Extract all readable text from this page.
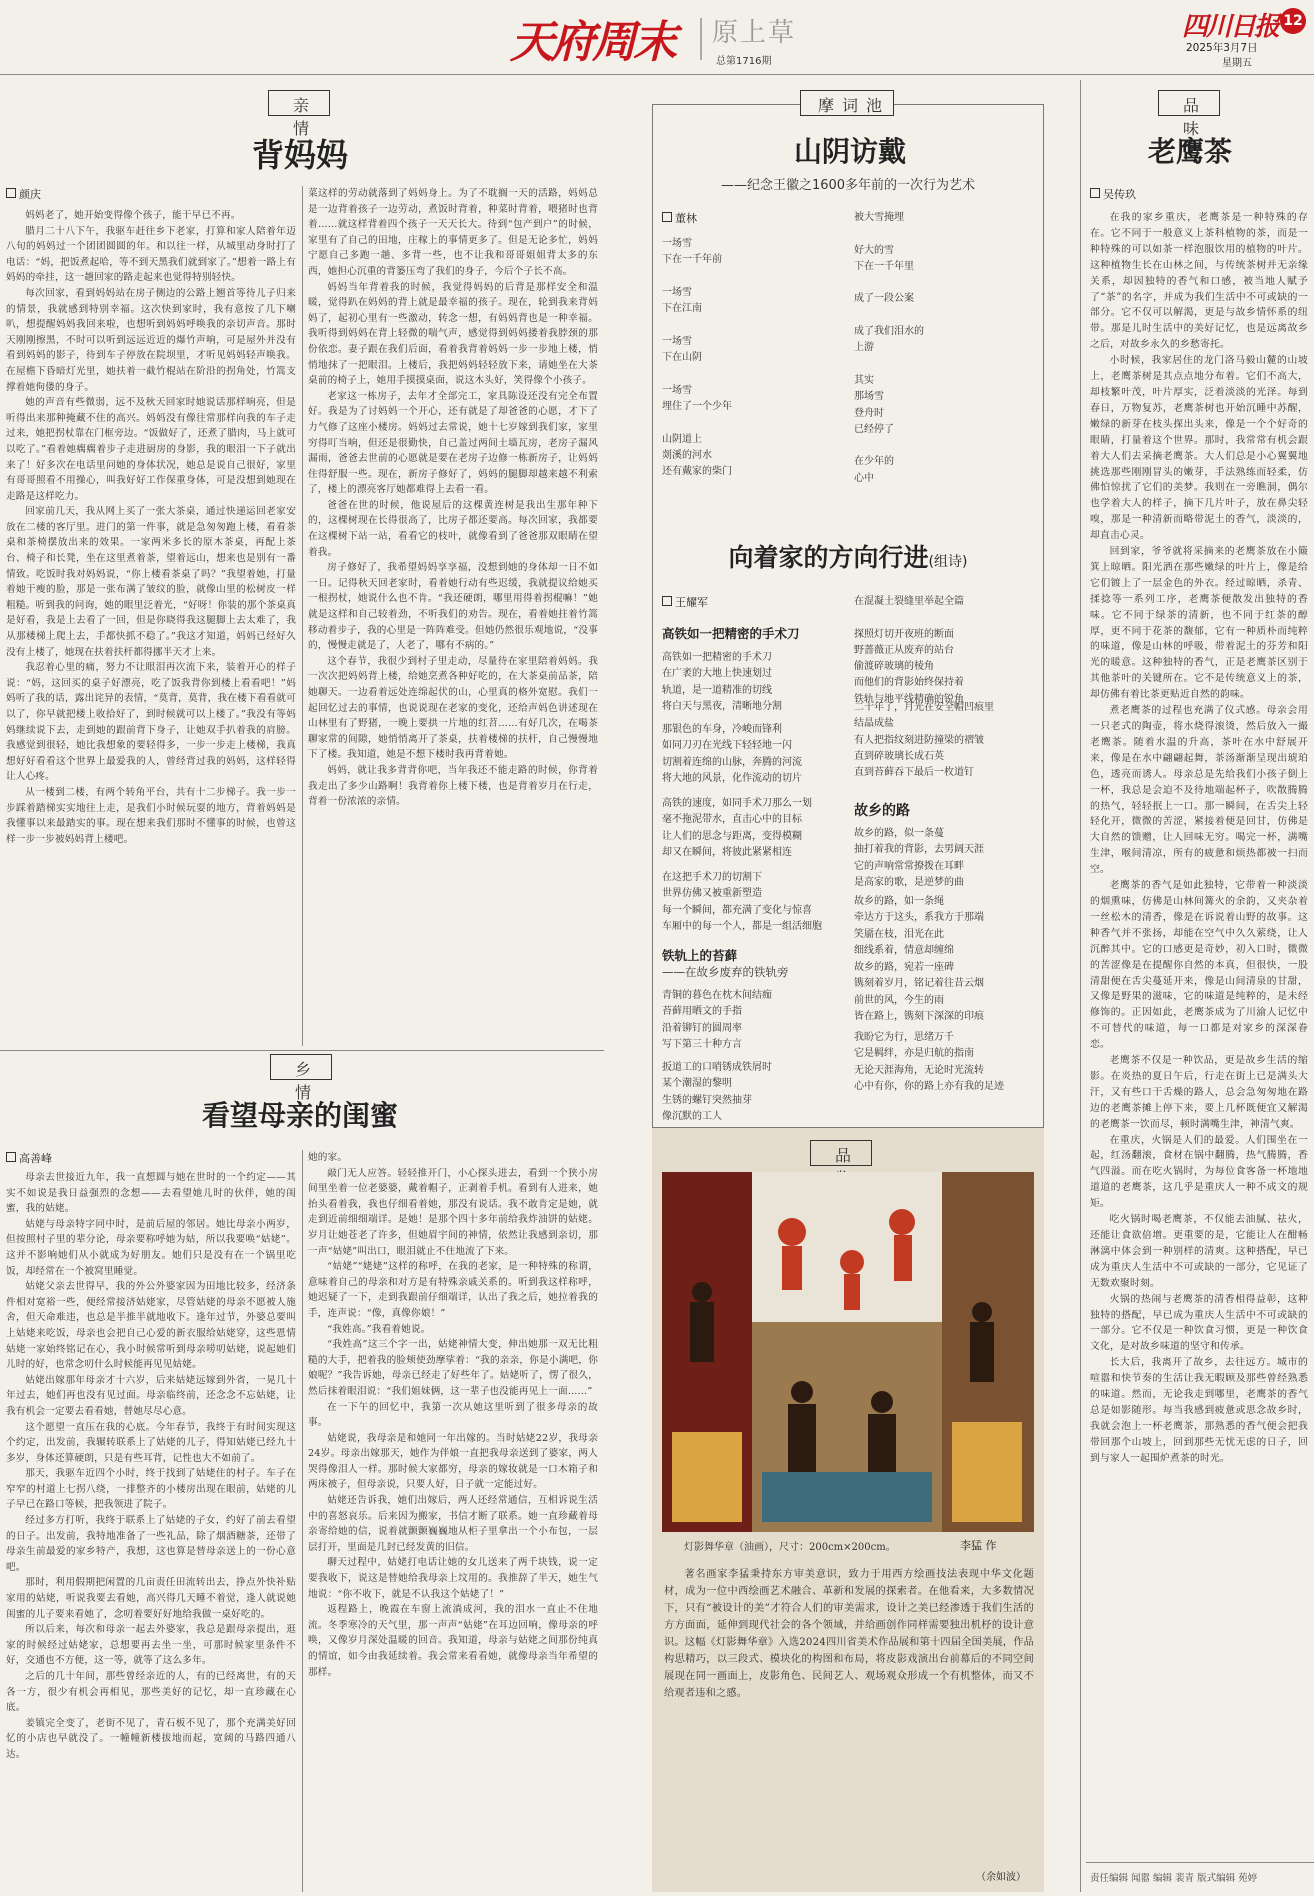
天府周末 原上草
总第1716期
四川日报 12
2025年3月7日
星期五
亲情
背妈妈
颜庆

妈妈老了，她开始变得像个孩子，能干早已不再。

腊月二十八下午，我驱车赶往乡下老家，打算和家人陪着年迈八旬的妈妈过一个团团圆圆的年。和以往一样，从城里动身时打了电话：“妈，把饭煮起哈，等不到天黑我们就到家了。”想着一路上有妈妈的牵挂，这一趟回家的路走起来也觉得特别轻快。

每次回家，看到妈妈站在房子侧边的公路上翘首等待儿子归来的情景，我就感到特别幸福。这次快到家时，我有意按了几下喇叭，想提醒妈妈我回来啦，也想听到妈妈呼唤我的亲切声音。那时天刚刚擦黑，不时可以听到远远近近的爆竹声响，可是屋外并没有看到妈妈的影子，待到车子停放在院坝里，才听见妈妈轻声唤我。在屋檐下昏暗灯光里，她扶着一截竹棍站在阶沿的拐角处，竹篙支撑着她佝偻的身子。

她的声音有些微弱，远不及秋天回家时她说话那样响亮，但是听得出来那种掩藏不住的高兴。妈妈没有像往常那样向我的车子走过来，她把拐杖靠在门框旁边。“饭做好了，还煮了腊肉，马上就可以吃了。”看着她瘸瘸着步子走进厨房的身影，我的眼泪一下子就出来了！好多次在电话里问她的身体状况，她总是说自己很好，家里有哥哥照看不用操心，叫我好好工作保重身体，可是没想到她现在走路是这样吃力。

回家前几天，我从网上买了一张大茶桌，通过快递运回老家安放在二楼的客厅里。进门的第一件事，就是急匆匆跑上楼，看看茶桌和茶椅摆放出来的效果。一家两米多长的原木茶桌，再配上茶台、椅子和长凳，坐在这里煮着茶，望着远山，想来也是别有一番情致。吃饭时我对妈妈说，“你上楼看茶桌了吗？”我望着她，打量着她干瘦的脸，那是一张布满了皱纹的脸，就像山里的松树皮一样粗糙。听到我的问询，她的眼里泛着光，“好呀！你装的那个茶桌真是好看，我是上去看了一回，但是你晓得我这腿脚上去太难了，我从那楼梯上爬上去，手都快抓不稳了。”我这才知道，妈妈已经好久没有上楼了，她现在扶着扶杆都得挪半天才上来。

我忍着心里的痛，努力不让眼泪再次流下来，装着开心的样子说：“妈，这回买的桌子好漂亮，吃了饭我背你到楼上看看吧！”妈妈听了我的话，露出诧异的表情，“莫背，莫背，我在楼下看看就可以了，你早就把楼上收拾好了，到时候就可以上楼了。”我没有等妈妈继续说下去，走到她的跟前背下身子，让她双手扒着我的肩膀。我感觉到很轻，她比我想象的要轻得多，一步一步走上楼梯，我真想好好看看这个世界上最爱我的人，曾经背过我的妈妈，这样轻得让人心疼。

从一楼到二楼，有两个转角平台，共有十二步梯子。我一步一步踩着踏梯实实地往上走，是我们小时候玩耍的地方，背着妈妈是我懂事以来最踏实的事。现在想来我们那时不懂事的时候，也曾这样一步一步被妈妈背上楼吧。

菜这样的劳动就落到了妈妈身上。为了不耽搁一天的活路，妈妈总是一边背着孩子一边劳动，煮饭时背着，种菜时背着，喂猪时也背着……就这样背着四个孩子一天天长大。待到“包产到户”的时候，家里有了自己的田地，庄稼上的事情更多了。但是无论多忙，妈妈宁愿自己多跑一趟、多背一些，也不让我和哥哥姐姐背太多的东西，她担心沉重的背篓压弯了我们的身子，今后个子长不高。

妈妈当年背着我的时候，我觉得妈妈的后背是那样安全和温暖，觉得趴在妈妈的背上就是最幸福的孩子。现在，轮到我来背妈妈了，起初心里有一些激动，转念一想，有妈妈背也是一种幸福。我听得到妈妈在背上轻微的喘气声，感觉得到妈妈搂着我脖颈的那份依恋。妻子跟在我们后面，看着我背着妈妈一步一步地上楼，悄悄地抹了一把眼泪。上楼后，我把妈妈轻轻放下来，请她坐在大茶桌前的椅子上，她用手摸摸桌面，说这木头好，笑得像个小孩子。

老家这一栋房子，去年才全部完工，家具陈设还没有完全布置好。我是为了讨妈妈一个开心，还有就是了却爸爸的心愿，才下了力气修了这座小楼房。妈妈过去常说，她十七岁嫁到我们家，家里穷得叮当响，但还是很勤快，自己盖过两间土墙瓦房，老房子漏风漏雨，爸爸去世前的心愿就是要在老房子边修一栋新房子，让妈妈住得舒服一些。现在，新房子修好了，妈妈的腿脚却越来越不利索了，楼上的漂亮客厅她都难得上去看一看。

爸爸在世的时候，他说屋后的这棵黄连树是我出生那年种下的，这棵树现在长得很高了，比房子都还要高。每次回家，我都要在这棵树下站一站，看看它的枝叶，就像看到了爸爸那双眼睛在望着我。

房子修好了，我希望妈妈享享福，没想到她的身体却一日不如一日。记得秋天回老家时，看着她行动有些迟缓，我就提议给她买一根拐杖，她说什么也不肯。“我还硬朗，哪里用得着拐棍嘛！”她就是这样和自己较着劲，不听我们的劝告。现在，看着她拄着竹篙移动着步子，我的心里是一阵阵难受。但她仍然很乐观地说，“没事的，慢慢走就是了，人老了，哪有不病的。”

这个春节，我很少到村子里走动，尽量待在家里陪着妈妈。我一次次把妈妈背上楼，给她烹煮各种好吃的，在大茶桌前品茶，陪她聊天。一边看着远处连绵起伏的山，心里真的格外宽慰。我们一起回忆过去的事情，也说说现在老家的变化，还给声妈色讲述现在山林里有了野猪，一晚上要拱一片地的红苕……有好几次，在喝茶聊家常的间隙，她悄悄离开了茶桌，扶着楼梯的扶杆，自己慢慢地下了楼。我知道，她是不想下楼时我再背着她。

妈妈，就让我多背背你吧，当年我还不能走路的时候，你背着我走出了多少山路啊！我背着你上楼下楼，也是背着岁月在行走，背着一份浓浓的亲情。

乡情
看望母亲的闺蜜
高善峰

母亲去世接近九年，我一直想圆与她在世时的一个约定——其实不如说是我日益强烈的念想——去看望她儿时的伙伴，她的闺蜜，我的姑姥。

姑姥与母亲特字同中时，是前后屋的邻居。她比母亲小两岁，但按照村子里的辈分论，母亲要称呼她为姑，所以我要唤“姑姥”。这并不影响她们从小就成为好朋友。她们只是没有在一个锅里吃饭，却经常在一个被窝里睡觉。

姑姥父亲去世得早，我的外公外婆家因为田地比较多，经济条件相对宽裕一些，便经常接济姑姥家，尽管姑姥的母亲不愿被人施舍，但天命难违，也总是半推半就地收下。逢年过节，外婆总要叫上姑姥来吃饭，母亲也会把自己心爱的新衣服给姑姥穿，这些恩情姑姥一家始终铭记在心，我小时候常听到母亲唠叨姑姥，说起她们儿时的好，也常念叨什么时候能再见见姑姥。

姑姥出嫁那年母亲才十六岁，后来姑姥远嫁到外省，一晃几十年过去，她们再也没有见过面。母亲临终前，还念念不忘姑姥，让我有机会一定要去看看她，替她尽尽心意。

这个愿望一直压在我的心底。今年春节，我终于有时间实现这个约定，出发前，我辗转联系上了姑姥的儿子，得知姑姥已经九十多岁，身体还算硬朗，只是有些耳背，记性也大不如前了。

那天，我驱车近四个小时，终于找到了姑姥住的村子。车子在窄窄的村道上七拐八绕，一排整齐的小楼房出现在眼前，姑姥的儿子早已在路口等候，把我领进了院子。

经过多方打听，我终于联系上了姑姥的子女，约好了前去看望的日子。出发前，我特地准备了一些礼品，除了烟酒糖茶，还带了母亲生前最爱的家乡特产，我想，这也算是替母亲送上的一份心意吧。

那时，利用假期把闲置的几亩责任田流转出去，挣点外快补贴家用的姑姥，听说我要去看她，高兴得几天睡不着觉，逢人就说她闺蜜的儿子要来看她了，念叨着要好好地给我做一桌好吃的。

所以后来，每次和母亲一起去外婆家，我总是跟母亲提出，逛家的时候经过姑姥家，总想要再去坐一坐，可那时候家里条件不好，交通也不方便，这一等，就等了这么多年。

之后的几十年间，那些曾经亲近的人，有的已经离世，有的天各一方，很少有机会再相见，那些美好的记忆，却一直珍藏在心底。

姜镇完全变了，老街不见了，青石板不见了，那个充满美好回忆的小店也早就没了。一幢幢新楼拔地而起，宽阔的马路四通八达。

她的家。

敲门无人应答。轻轻推开门，小心探头进去，看到一个狭小房间里坐着一位老婆婆，戴着帽子，正剥着手机。看到有人进来，她抬头看着我，我也仔细看着她，那没有说话。我不敢肯定是她，就走到近前细细端详。是她！是那个四十多年前给我炸油饼的姑姥。岁月让她苍老了许多，但她眉宇间的神情，依然让我感到亲切，那一声“姑姥”叫出口，眼泪就止不住地流了下来。

“姑姥”“姥姥”这样的称呼，在我的老家，是一种特殊的称谓，意味着自己的母亲和对方是有特殊亲戚关系的。听到我这样称呼，她迟疑了一下，走到我跟前仔细端详，认出了我之后，她拉着我的手，连声说：“像，真像你娘！”

“我姓高。”我看着她说。

“我姓高”这三个字一出，姑姥神情大变，伸出她那一双无比粗糙的大手，把着我的脸颊使劲摩挲着：“我的亲亲，你是小满吧，你娘呢？”我告诉她，母亲已经走了好些年了。姑姥听了，愣了很久，然后抹着眼泪说：“我们姐妹俩，这一辈子也没能再见上一面……”

在一下午的回忆中，我第一次从她这里听到了很多母亲的故事。

姑姥说，我母亲是和她同一年出嫁的。当时姑姥22岁，我母亲24岁。母亲出嫁那天，她作为伴娘一直把我母亲送到了婆家，两人哭得像泪人一样。那时候大家都穷，母亲的嫁妆就是一口木箱子和两床被子，但母亲说，只要人好，日子就一定能过好。

姑姥还告诉我，她们出嫁后，两人还经常通信，互相诉说生活中的喜怒哀乐。后来因为搬家，书信才断了联系。她一直珍藏着母亲寄给她的信，说着就颤颤巍巍地从柜子里拿出一个小布包，一层层打开，里面是几封已经发黄的旧信。

聊天过程中，姑姥打电话让她的女儿送来了两千块钱，说一定要我收下，说这是替她给我母亲上坟用的。我推辞了半天，她生气地说：“你不收下，就是不认我这个姑姥了！”

返程路上，晚霞在车窗上流淌成河，我的泪水一直止不住地流。冬季寒冷的天气里，那一声声“姑姥”在耳边回响，像母亲的呼唤，又像岁月深处温暖的回音。我知道，母亲与姑姥之间那份纯真的情谊，如今由我延续着。我会常来看看她，就像母亲当年希望的那样。

摩词池
山阴访戴
——纪念王徽之1600多年前的一次行为艺术
董林
一场雪
下在一千年前

一场雪
下在江南

一场雪
下在山阴

一场雪
埋住了一个少年

山阴道上
剡溪的河水
还有戴家的柴门
被大雪掩埋

好大的雪
下在一千年里

成了一段公案

成了我们泪水的
上游

其实
那场雪
登舟时
已经停了

在少年的
心中
向着家的方向行进(组诗)
王耀军
高铁如一把精密的手术刀
高铁如一把精密的手术刀
在广袤的大地上快速划过
轨道，是一道精准的切线
将白天与黑夜，清晰地分割
那银色的车身，冷峻而锋利
如同刀刃在光线下轻轻地一闪
切割着连绵的山脉，奔腾的河流
将大地的风景，化作流动的切片
高铁的速度，如同手术刀那么一划
毫不拖泥带水，直击心中的目标
让人们的思念与距离，变得模糊
却又在瞬间，将彼此紧紧相连
在这把手术刀的切割下
世界仿佛又被重新塑造
每一个瞬间，都充满了变化与惊喜
车厢中的每一个人，都是一组活细胞
铁轨上的苔藓
——在故乡废弃的铁轨旁
青铜的暮色在枕木间结痂
苔藓用晒文的手指
沿着铆钉的圆周率
写下第三十种方言
扳道工的口哨锈成铁屑时
某个潮湿的黎明
生锈的螺钉突然抽芽
像沉默的工人
在混凝土裂缝里举起全篇

探照灯切开夜班的断面
野蔷薇正从废弃的站台
偷渡碎玻璃的棱角
而他们的背影始终保持着
铁轨与地平线精确的锐角
二十年了，月光在安全帽凹痕里
结晶成盐
有人把指纹刻进防撞梁的褶皱
直到碎玻璃长成石英
直到苔藓吞下最后一枚道钉
故乡的路
故乡的路，似一条蔓
抽打着我的背影，去男阔天涯
它的声响常常撩拨在耳畔
是高家的歌，是逆梦的曲
故乡的路，如一条绳
牵达方于这头，系我方于那端
笑靥在枝，泪光在此
细线系着，情意却缠绵
故乡的路，宛若一座碑
镌刻着岁月，铭记着往昔云烟
前世的风，今生的雨
皆在路上，镌刻下深深的印痕
我盼它为行，思绪万千
它是羁绊，亦是归航的指南
无论天涯海角，无论时光流转
心中有你，你的路上亦有我的足迹
品
灯影舞华章（油画），尺寸：200cm×200cm。	李猛 作

著名画家李猛秉持东方审美意识，致力于用西方绘画技法表现中华文化题材，成为一位中西绘画艺术融合、革新和发展的探索者。在他看来，大多数情况下，只有“被设计的美”才符合人们的审美需求，设计之美已经渗透于我们生活的方方面面，延伸到现代社会的各个领域，并给画创作同样需要独出机杼的设计意识。这幅《灯影舞华章》入选2024四川省美术作品展和第十四届全国美展，作品构思精巧，以三段式、模块化的构图和布局，将皮影戏演出台前幕后的不同空间展现在同一画面上，皮影角色、民间艺人、观场观众形成一个有机整体，而又不给观者违和之感。

（余如波）
品味
老鹰茶
吴传玖

在我的家乡重庆，老鹰茶是一种特殊的存在。它不同于一般意义上茶科植物的茶，而是一种特殊的可以如茶一样泡服饮用的植物的叶片。这种植物生长在山林之间，与传统茶树并无亲缘关系，却因独特的香气和口感，被当地人赋予了“茶”的名字，并成为我们生活中不可或缺的一部分。它不仅可以解渴，更是与故乡情怀系的纽带。那是儿时生活中的美好记忆，也是远离故乡之后，对故乡永久的乡愁寄托。

小时候，我家居住的龙门洛马毅山麓的山坡上，老鹰茶树是其点点地分布着。它们不高大，却枝繁叶茂，叶片厚实，泛着淡淡的光泽。每到春日，万物复苏，老鹰茶树也开始沉睡中苏醒，嫩绿的新芽在枝头探出头来，像是一个个好奇的眼睛，打量着这个世界。那时，我常常有机会跟着大人们去采摘老鹰茶。大人们总是小心翼翼地挑选那些刚刚冒头的嫩芽，手法熟练而轻柔，仿佛怕惊扰了它们的美梦。我则在一旁瞧洞，偶尔也学着大人的样子，摘下几片叶子，放在鼻尖轻嗅，那是一种清新而略带泥土的香气，淡淡的，却直击心灵。

回到家，爷爷就将采摘来的老鹰茶放在小簸箕上晾晒。阳光洒在那些嫩绿的叶片上，像是给它们镀上了一层金色的外衣。经过晾晒，杀青、揉捻等一系列工序，老鹰茶便散发出独特的香味。它不同于绿茶的清新，也不同于红茶的醇厚，更不同于花茶的馥郁，它有一种质朴而纯粹的味道，像是山林的呼吸，带着泥土的芬芳和阳光的暖意。这种独特的香气，正是老鹰茶区别于其他茶叶的关键所在。它不是传统意义上的茶，却仿佛有着比茶更贴近自然的韵味。

煮老鹰茶的过程也充满了仪式感。母亲会用一只老式的陶壶，将水烧得滚烫，然后放入一撮老鹰茶。随着水温的升高，茶叶在水中舒展开来，像是在水中翩翩起舞，茶汤渐渐呈现出琥珀色，透亮而诱人。母亲总是先给我们小孩子倒上一杯，我总是会迫不及待地端起杯子，吹散腾腾的热气，轻轻抿上一口。那一瞬间，在舌尖上轻轻化开，微微的苦涩，紧接着便是回甘，仿佛是大自然的馈赠，让人回味无穷。喝完一杯，满嘴生津，喉间清凉，所有的疲惫和烦热都被一扫而空。

老鹰茶的香气是如此独特，它带着一种淡淡的烟熏味，仿佛是山林间篝火的余韵，又夹杂着一丝松木的清香，像是在诉说着山野的故事。这种香气并不张扬，却能在空气中久久萦绕，让人沉醉其中。它的口感更是奇妙，初入口时，微微的苦涩像是在提醒你自然的本真，但很快，一股清甜便在舌尖蔓延开来，像是山间清泉的甘甜，又像是野果的滋味，它的味道是纯粹的，是未经修饰的。正因如此，老鹰茶成为了川渝人记忆中不可替代的味道，每一口都是对家乡的深深眷恋。

老鹰茶不仅是一种饮品，更是故乡生活的缩影。在炎热的夏日午后，行走在街上已是满头大汗，又有些口干舌燥的路人，总会急匆匆地在路边的老鹰茶摊上停下来，要上几杯既便宜又解渴的老鹰茶一饮而尽，顿时满嘴生津，神清气爽。

在重庆，火锅是人们的最爱。人们围坐在一起，红汤翻滚，食材在锅中翻腾，热气腾腾，香气四溢。而在吃火锅时，为每位食客备一杯地地道道的老鹰茶，这几乎是重庆人一种不成文的规矩。

吃火锅时喝老鹰茶，不仅能去油腻、祛火，还能让食欲倍增。更重要的是，它能让人在酣畅淋漓中体会到一种别样的清爽。这种搭配，早已成为重庆人生活中不可或缺的一部分，它见证了无数欢聚时刻。

火锅的热闹与老鹰茶的清香相得益彰，这种独特的搭配，早已成为重庆人生活中不可或缺的一部分。它不仅是一种饮食习惯，更是一种饮食文化，是对故乡味道的坚守和传承。

长大后，我离开了故乡，去往远方。城市的喧嚣和快节奏的生活让我无暇顾及那些曾经熟悉的味道。然而，无论我走到哪里，老鹰茶的香气总是如影随形。每当我感到疲惫或思念故乡时，我就会泡上一杯老鹰茶，那熟悉的香气便会把我带回那个山坡上，回到那些无忧无虑的日子，回到与家人一起围炉煮茶的时光。

责任编辑 闻嚣 编辑 裴青 版式编辑 苑婷
